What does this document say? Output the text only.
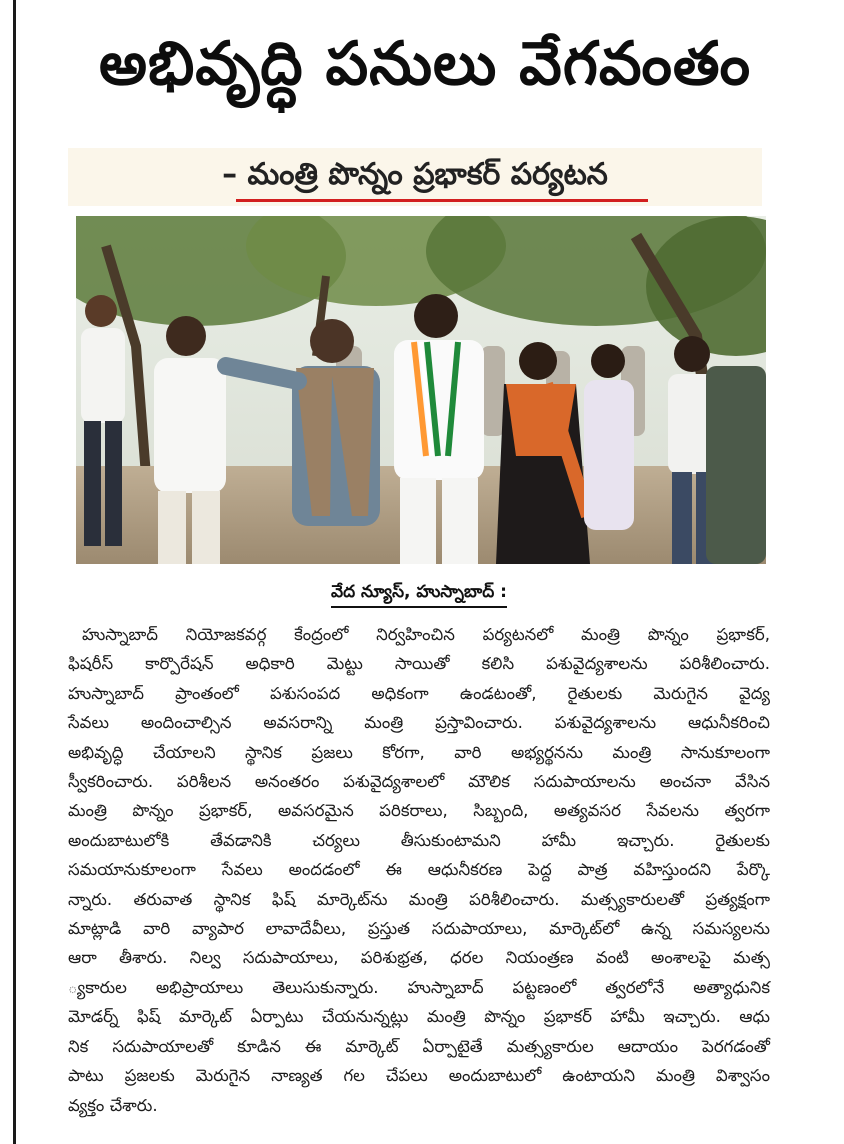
అభివృద్ధి పనులు వేగవంతం
– మంత్రి పొన్నం ప్రభాకర్ పర్యటన
వేద న్యూస్, హుస్నాబాద్ :
హుస్నాబాద్ నియోజకవర్గ కేంద్రంలో నిర్వహించిన పర్యటనలో మంత్రి పొన్నం ప్రభాకర్,
ఫిషరీస్ కార్పొరేషన్ అధికారి మెట్టు సాయితో కలిసి పశువైద్యశాలను పరిశీలించారు.
హుస్నాబాద్ ప్రాంతంలో పశుసంపద అధికంగా ఉండటంతో, రైతులకు మెరుగైన వైద్య
సేవలు అందించాల్సిన అవసరాన్ని మంత్రి ప్రస్తావించారు. పశువైద్యశాలను ఆధునీకరించి
అభివృద్ధి చేయాలని స్థానిక ప్రజలు కోరగా, వారి అభ్యర్థనను మంత్రి సానుకూలంగా
స్వీకరించారు. పరిశీలన అనంతరం పశువైద్యశాలలో మౌలిక సదుపాయాలను అంచనా వేసిన
మంత్రి పొన్నం ప్రభాకర్, అవసరమైన పరికరాలు, సిబ్బంది, అత్యవసర సేవలను త్వరగా
అందుబాటులోకి తేవడానికి చర్యలు తీసుకుంటామని హామీ ఇచ్చారు. రైతులకు
సమయానుకూలంగా సేవలు అందడంలో ఈ ఆధునీకరణ పెద్ద పాత్ర వహిస్తుందని పేర్కొ
న్నారు. తరువాత స్థానిక ఫిష్ మార్కెట్‌ను మంత్రి పరిశీలించారు. మత్స్యకారులతో ప్రత్యక్షంగా
మాట్లాడి వారి వ్యాపార లావాదేవీలు, ప్రస్తుత సదుపాయాలు, మార్కెట్‌లో ఉన్న సమస్యలను
ఆరా తీశారు. నిల్వ సదుపాయాలు, పరిశుభ్రత, ధరల నియంత్రణ వంటి అంశాలపై మత్స
్యకారుల అభిప్రాయాలు తెలుసుకున్నారు. హుస్నాబాద్ పట్టణంలో త్వరలోనే అత్యాధునిక
మోడర్న్ ఫిష్ మార్కెట్ ఏర్పాటు చేయనున్నట్లు మంత్రి పొన్నం ప్రభాకర్ హామీ ఇచ్చారు. ఆధు
నిక సదుపాయాలతో కూడిన ఈ మార్కెట్ ఏర్పాటైతే మత్స్యకారుల ఆదాయం పెరగడంతో
పాటు ప్రజలకు మెరుగైన నాణ్యత గల చేపలు అందుబాటులో ఉంటాయని మంత్రి విశ్వాసం
వ్యక్తం చేశారు.
